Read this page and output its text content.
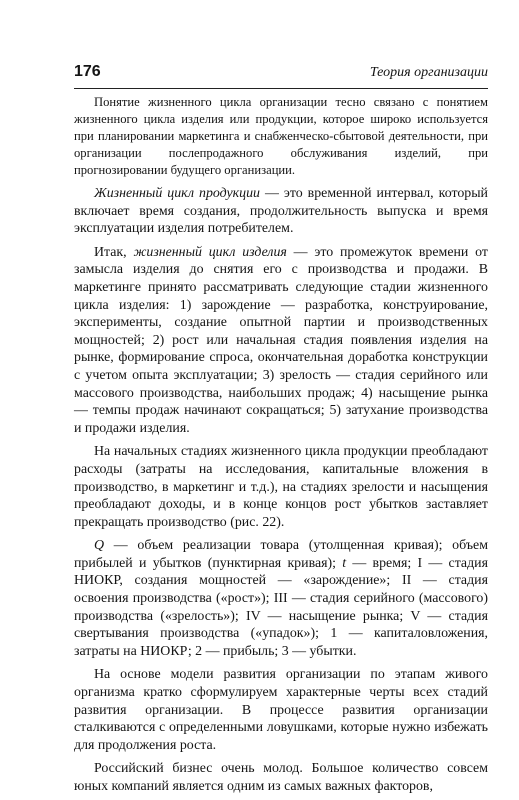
176	Теория организации

Понятие жизненного цикла организации тесно связано с понятием жизненного цикла изделия или продукции, которое широко используется при планировании маркетинга и снабженческо-сбытовой деятельности, при организации послепродажного обслуживания изделий, при прогнозировании будущего организации.

Жизненный цикл продукции — это временной интервал, который включает время создания, продолжительность выпуска и время эксплуатации изделия потребителем.

Итак, жизненный цикл изделия — это промежуток времени от замысла изделия до снятия его с производства и продажи. В маркетинге принято рассматривать следующие стадии жизненного цикла изделия: 1) зарождение — разработка, конструирование, эксперименты, создание опытной партии и производственных мощностей; 2) рост или начальная стадия появления изделия на рынке, формирование спроса, окончательная доработка конструкции с учетом опыта эксплуатации; 3) зрелость — стадия серийного или массового производства, наибольших продаж; 4) насыщение рынка — темпы продаж начинают сокращаться; 5) затухание производства и продажи изделия.

На начальных стадиях жизненного цикла продукции преобладают расходы (затраты на исследования, капитальные вложения в производство, в маркетинг и т.д.), на стадиях зрелости и насыщения преобладают доходы, и в конце концов рост убытков заставляет прекращать производство (рис. 22).

Q — объем реализации товара (утолщенная кривая); объем прибылей и убытков (пунктирная кривая); t — время; I — стадия НИОКР, создания мощностей — «зарождение»; II — стадия освоения производства («рост»); III — стадия серийного (массового) производства («зрелость»); IV — насыщение рынка; V — стадия свертывания производства («упадок»); 1 — капиталовложения, затраты на НИОКР; 2 — прибыль; 3 — убытки.

На основе модели развития организации по этапам живого организма кратко сформулируем характерные черты всех стадий развития организации. В процессе развития организации сталкиваются с определенными ловушками, которые нужно избежать для продолжения роста.

Российский бизнес очень молод. Большое количество совсем юных компаний является одним из самых важных факторов,
